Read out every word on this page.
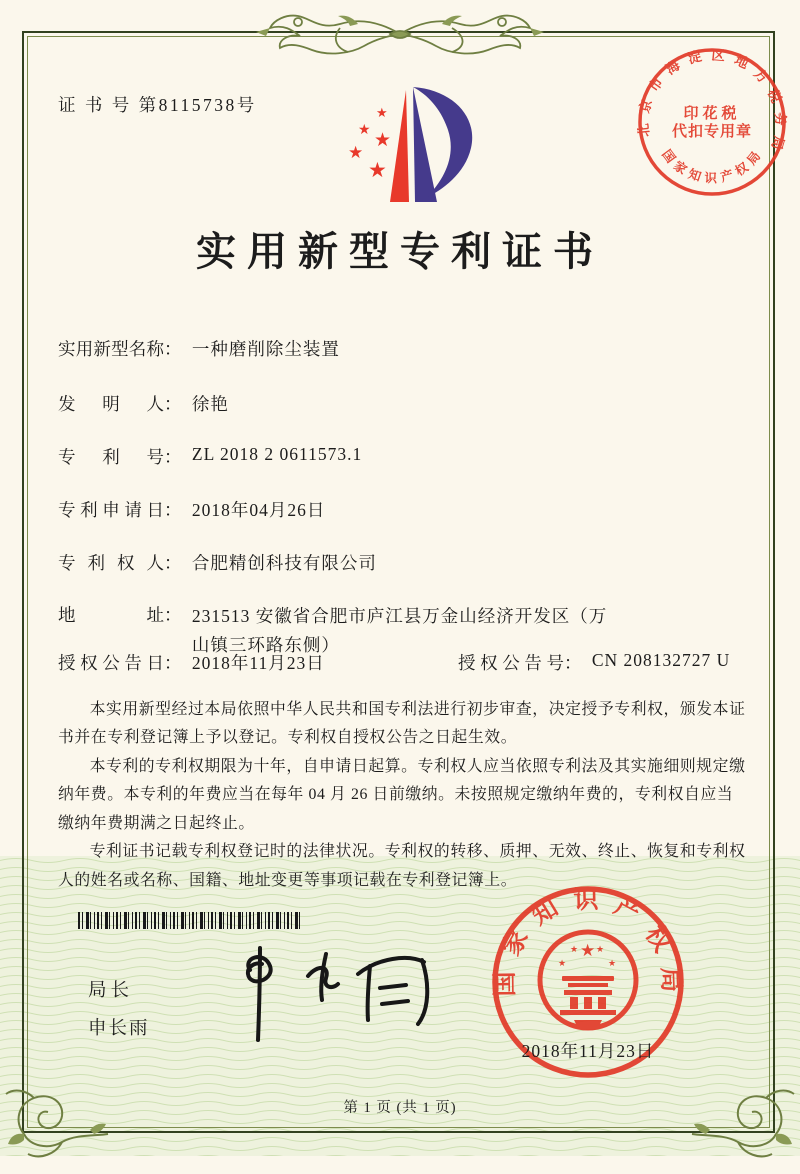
证 书 号 第8115738号	★
★ ★
★
★
实用新型专利证书
实用新型名称： 一种磨削除尘装置
发明人： 徐艳
专利号： ZL 2018 2 0611573.1
专利申请日： 2018年04月26日
专利权人： 合肥精创科技有限公司
地址： 231513 安徽省合肥市庐江县万金山经济开发区（万山镇三环路东侧）
授权公告日： 2018年11月23日	授权公告号： CN 208132727 U

本实用新型经过本局依照中华人民共和国专利法进行初步审查，决定授予专利权，颁发本证书并在专利登记簿上予以登记。专利权自授权公告之日起生效。

本专利的专利权期限为十年，自申请日起算。专利权人应当依照专利法及其实施细则规定缴纳年费。本专利的年费应当在每年 04 月 26 日前缴纳。未按照规定缴纳年费的，专利权自应当缴纳年费期满之日起终止。

专利证书记载专利权登记时的法律状况。专利权的转移、质押、无效、终止、恢复和专利权人的姓名或名称、国籍、地址变更等事项记载在专利登记簿上。

局长
申长雨
国家知识产权局
★
★
★ ★
★
2018年11月23日
北京市海淀区地方税务局
国家知识产权局
印花税
代扣专用章
第 1 页 (共 1 页)
